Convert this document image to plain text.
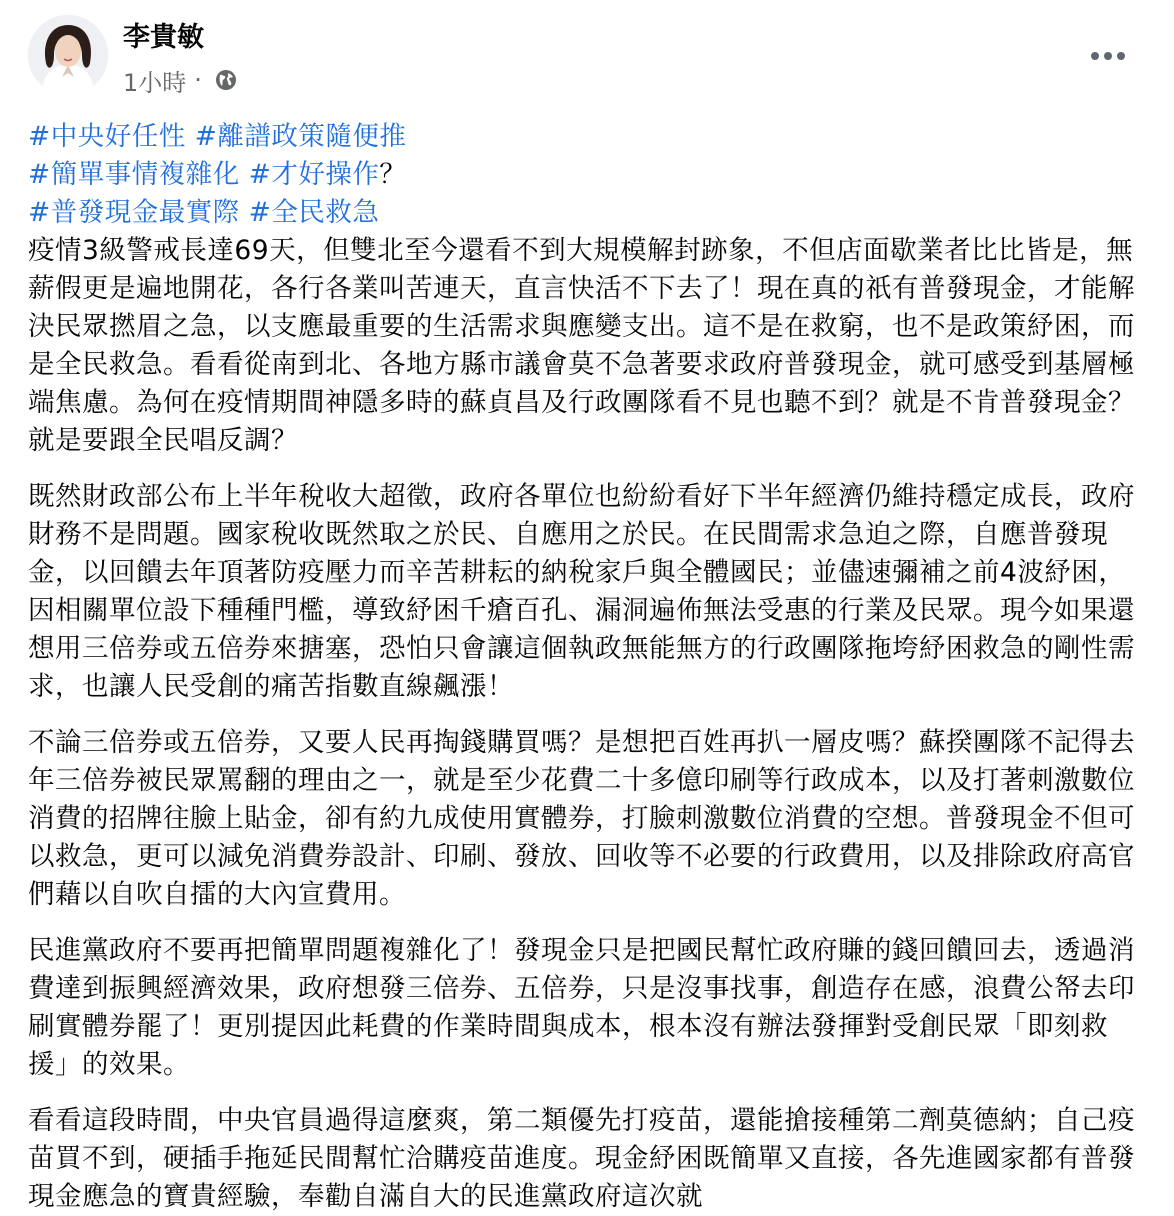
李貴敏
1小時 ·
#中央好任性 #離譜政策隨便推
#簡單事情複雜化 #才好操作？
#普發現金最實際 #全民救急

疫情3級警戒長達69天，但雙北至今還看不到大規模解封跡象，不但店面歇業者比比皆是，無薪假更是遍地開花，各行各業叫苦連天，直言快活不下去了！現在真的祇有普發現金，才能解決民眾撚眉之急，以支應最重要的生活需求與應變支出。這不是在救窮，也不是政策紓困，而是全民救急。看看從南到北、各地方縣市議會莫不急著要求政府普發現金，就可感受到基層極端焦慮。為何在疫情期間神隱多時的蘇貞昌及行政團隊看不見也聽不到？就是不肯普發現金？就是要跟全民唱反調？

既然財政部公布上半年稅收大超徵，政府各單位也紛紛看好下半年經濟仍維持穩定成長，政府財務不是問題。國家稅收既然取之於民、自應用之於民。在民間需求急迫之際，自應普發現金，以回饋去年頂著防疫壓力而辛苦耕耘的納稅家戶與全體國民；並儘速彌補之前4波紓困，因相關單位設下種種門檻，導致紓困千瘡百孔、漏洞遍佈無法受惠的行業及民眾。現今如果還想用三倍券或五倍券來搪塞，恐怕只會讓這個執政無能無方的行政團隊拖垮紓困救急的剛性需求，也讓人民受創的痛苦指數直線飆漲！

不論三倍券或五倍券，又要人民再掏錢購買嗎？是想把百姓再扒一層皮嗎？蘇揆團隊不記得去年三倍券被民眾罵翻的理由之一，就是至少花費二十多億印刷等行政成本，以及打著刺激數位消費的招牌往臉上貼金，卻有約九成使用實體券，打臉刺激數位消費的空想。普發現金不但可以救急，更可以減免消費券設計、印刷、發放、回收等不必要的行政費用，以及排除政府高官們藉以自吹自擂的大內宣費用。

民進黨政府不要再把簡單問題複雜化了！發現金只是把國民幫忙政府賺的錢回饋回去，透過消費達到振興經濟效果，政府想發三倍券、五倍券，只是沒事找事，創造存在感，浪費公帑去印刷實體券罷了！更別提因此耗費的作業時間與成本，根本沒有辦法發揮對受創民眾「即刻救援」的效果。

看看這段時間，中央官員過得這麼爽，第二類優先打疫苗，還能搶接種第二劑莫德納；自己疫苗買不到，硬插手拖延民間幫忙洽購疫苗進度。現金紓困既簡單又直接，各先進國家都有普發現金應急的寶貴經驗，奉勸自滿自大的民進黨政府這次就
